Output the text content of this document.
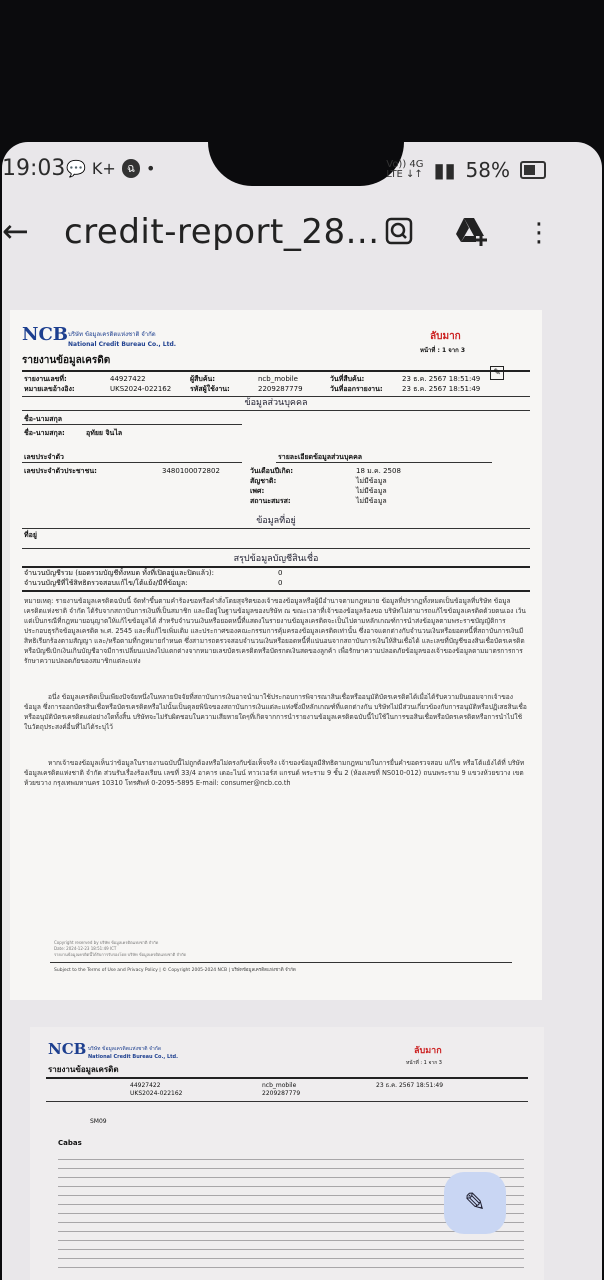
19:03 💬 K+ ฉ •	Vo)) 4G
LTE ↓↑ ▮▮ 58%
← credit-report_28...	⋮
NCB บริษัท ข้อมูลเครดิตแห่งชาติ จำกัด
National Credit Bureau Co., Ltd.
ลับมาก
หน้าที่ : 1 จาก 3
รายงานข้อมูลเครดิต
รายงานเลขที่:	44927422
หมายเลขอ้างอิง:	UKS2024-022162
ผู้สืบค้น:	ncb_mobile
รหัสผู้ใช้งาน:	2209287779
วันที่สืบค้น:	23 ธ.ค. 2567 18:51:49
วันที่ออกรายงาน:	23 ธ.ค. 2567 18:51:49
✎
ข้อมูลส่วนบุคคล
ชื่อ-นามสกุล
ชื่อ-นามสกุล:	อุทัยย จินไล
เลขประจำตัว
เลขประจำตัวประชาชน:	3480100072802
รายละเอียดข้อมูลส่วนบุคคล
วันเดือนปีเกิด:	18 ม.ค. 2508
สัญชาติ:	ไม่มีข้อมูล
เพศ:	ไม่มีข้อมูล
สถานะสมรส:	ไม่มีข้อมูล
ข้อมูลที่อยู่
ที่อยู่
สรุปข้อมูลบัญชีสินเชื่อ
จำนวนบัญชีรวม (ยอดรวมบัญชีทั้งหมด ทั้งที่เปิดอยู่และปิดแล้ว):	0
จำนวนบัญชีที่ใช้สิทธิตรวจสอบแก้ไข/โต้แย้ง/มีที่ข้อมูล:	0
หมายเหตุ: รายงานข้อมูลเครดิตฉบับนี้ จัดทำขึ้นตามคำร้องขอหรือคำสั่งโดยสุจริตของเจ้าของข้อมูลหรือผู้มีอำนาจตามกฎหมาย ข้อมูลที่ปรากฏทั้งหมดเป็นข้อมูลที่บริษัท ข้อมูลเครดิตแห่งชาติ จำกัด ได้รับจากสถาบันการเงินที่เป็นสมาชิก และมีอยู่ในฐานข้อมูลของบริษัท ณ ขณะเวลาที่เจ้าของข้อมูลร้องขอ บริษัทไม่สามารถแก้ไขข้อมูลเครดิตด้วยตนเอง เว้นแต่เป็นกรณีที่กฎหมายอนุญาตให้แก้ไขข้อมูลได้ สำหรับจำนวนเงินหรือยอดหนี้ที่แสดงในรายงานข้อมูลเครดิตจะเป็นไปตามหลักเกณฑ์การนำส่งข้อมูลตามพระราชบัญญัติการประกอบธุรกิจข้อมูลเครดิต พ.ศ. 2545 และที่แก้ไขเพิ่มเติม และประกาศของคณะกรรมการคุ้มครองข้อมูลเครดิตเท่านั้น ซึ่งอาจแตกต่างกับจำนวนเงินหรือยอดหนี้ที่สถาบันการเงินมีสิทธิเรียกร้องตามสัญญา และ/หรือตามที่กฎหมายกำหนด ซึ่งสามารถตรวจสอบจำนวนเงินหรือยอดหนี้ที่แน่นอนจากสถาบันการเงินให้สินเชื่อได้ และเลขที่บัญชีของสินเชื่อบัตรเครดิตหรือบัญชีเบิกเงินเกินบัญชีอาจมีการเปลี่ยนแปลงไปแตกต่างจากหมายเลขบัตรเครดิตหรือบัตรกดเงินสดของลูกค้า เพื่อรักษาความปลอดภัยข้อมูลของเจ้าของข้อมูลตามมาตรการการรักษาความปลอดภัยของสมาชิกแต่ละแห่ง
อนึ่ง ข้อมูลเครดิตเป็นเพียงปัจจัยหนึ่งในหลายปัจจัยที่สถาบันการเงินอาจนำมาใช้ประกอบการพิจารณาสินเชื่อหรืออนุมัติบัตรเครดิตได้เมื่อได้รับความยินยอมจากเจ้าของข้อมูล ซึ่งการออกบัตรสินเชื่อหรือบัตรเครดิตหรือไม่นั้นเป็นดุลยพินิจของสถาบันการเงินแต่ละแห่งซึ่งมีหลักเกณฑ์ที่แตกต่างกัน บริษัทไม่มีส่วนเกี่ยวข้องกับการอนุมัติหรือปฏิเสธสินเชื่อหรืออนุมัติบัตรเครดิตแต่อย่างใดทั้งสิ้น บริษัทจะไม่รับผิดชอบในความเสียหายใดๆที่เกิดจากการนำรายงานข้อมูลเครดิตฉบับนี้ไปใช้ในการขอสินเชื่อหรือบัตรเครดิตหรือการนำไปใช้ในวัตถุประสงค์อื่นที่ไม่ได้ระบุไว้
หากเจ้าของข้อมูลเห็นว่าข้อมูลในรายงานฉบับนี้ไม่ถูกต้องหรือไม่ตรงกับข้อเท็จจริง เจ้าของข้อมูลมีสิทธิตามกฎหมายในการยื่นคำขอตรวจสอบ แก้ไข หรือโต้แย้งได้ที่ บริษัท ข้อมูลเครดิตแห่งชาติ จำกัด ส่วนรับเรื่องร้องเรียน เลขที่ 33/4 อาคาร เดอะไนน์ ทาวเวอร์ส แกรนด์ พระราม 9 ชั้น 2 (ห้องเลขที่ NS010-012) ถนนพระราม 9 แขวงห้วยขวาง เขตห้วยขวาง กรุงเทพมหานคร 10310 โทรศัพท์ 0-2095-5895 E-mail: consumer@ncb.co.th
Copyright reserved by บริษัท ข้อมูลเครดิตแห่งชาติ จำกัด
Date: 2024-12-23 18:51:49 ICT
รายงานข้อมูลเครดิตนี้ได้รับการรับรองโดย บริษัท ข้อมูลเครดิตแห่งชาติ จำกัด
Subject to the Terms of Use and Privacy Policy | © Copyright 2005-2024 NCB | บริษัทข้อมูลเครดิตแห่งชาติ จำกัด
NCB บริษัท ข้อมูลเครดิตแห่งชาติ จำกัด
National Credit Bureau Co., Ltd.
ลับมาก
หน้าที่ : 1 จาก 3
รายงานข้อมูลเครดิต
44927422
UKS2024-022162
ncb_mobile
2209287779
23 ธ.ค. 2567 18:51:49
SM09
Cabas
✎
